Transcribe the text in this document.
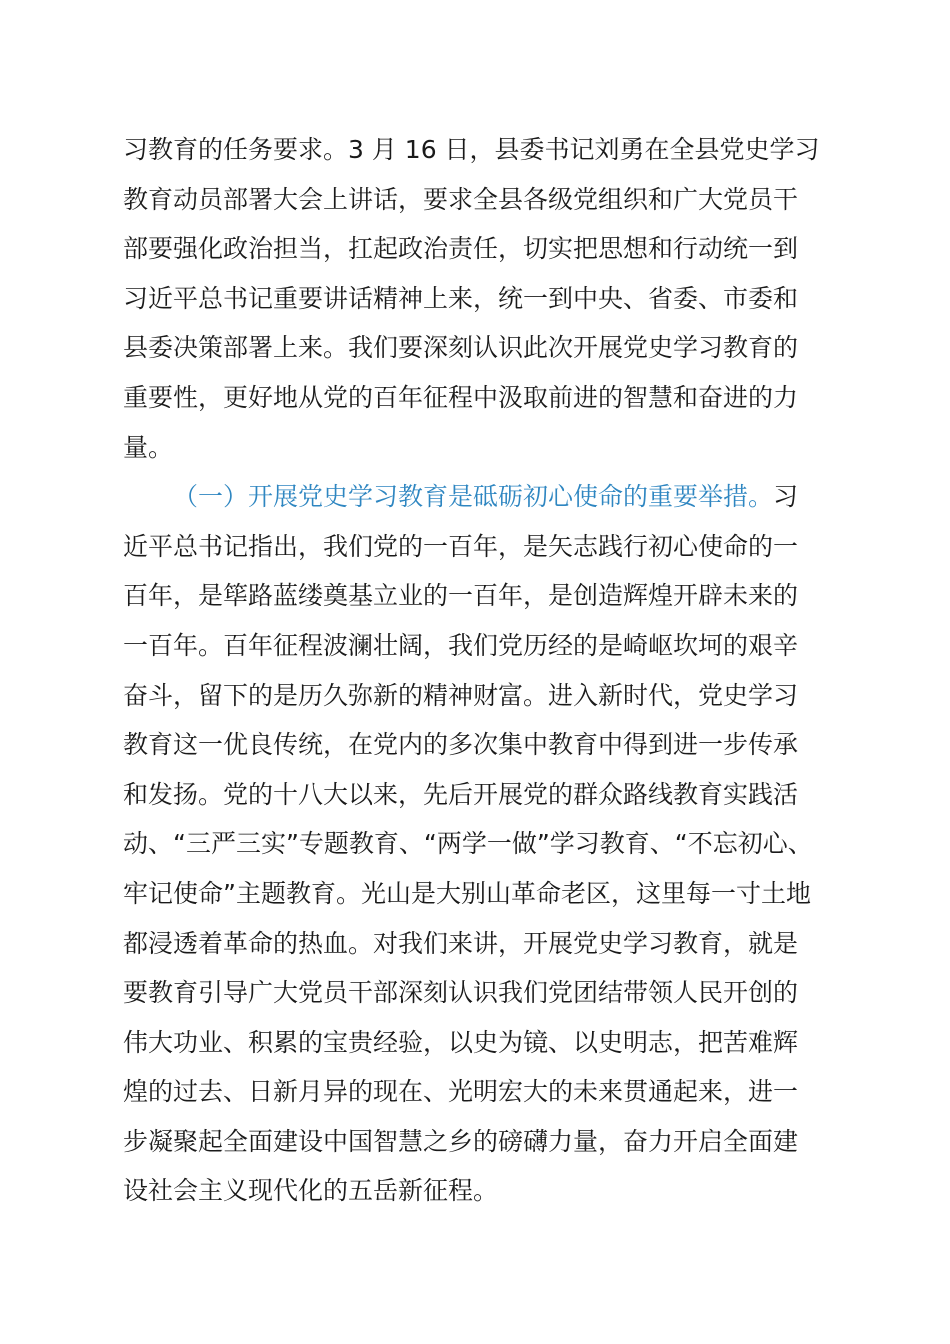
习教育的任务要求。3 月 16 日，县委书记刘勇在全县党史学习
教育动员部署大会上讲话，要求全县各级党组织和广大党员干
部要强化政治担当，扛起政治责任，切实把思想和行动统一到
习近平总书记重要讲话精神上来，统一到中央、省委、市委和
县委决策部署上来。我们要深刻认识此次开展党史学习教育的
重要性，更好地从党的百年征程中汲取前进的智慧和奋进的力
量。
（一）开展党史学习教育是砥砺初心使命的重要举措。习
近平总书记指出，我们党的一百年，是矢志践行初心使命的一
百年，是筚路蓝缕奠基立业的一百年，是创造辉煌开辟未来的
一百年。百年征程波澜壮阔，我们党历经的是崎岖坎坷的艰辛
奋斗，留下的是历久弥新的精神财富。进入新时代，党史学习
教育这一优良传统，在党内的多次集中教育中得到进一步传承
和发扬。党的十八大以来，先后开展党的群众路线教育实践活
动、“三严三实”专题教育、“两学一做”学习教育、“不忘初心、
牢记使命”主题教育。光山是大别山革命老区，这里每一寸土地
都浸透着革命的热血。对我们来讲，开展党史学习教育，就是
要教育引导广大党员干部深刻认识我们党团结带领人民开创的
伟大功业、积累的宝贵经验，以史为镜、以史明志，把苦难辉
煌的过去、日新月异的现在、光明宏大的未来贯通起来，进一
步凝聚起全面建设中国智慧之乡的磅礴力量，奋力开启全面建
设社会主义现代化的五岳新征程。
